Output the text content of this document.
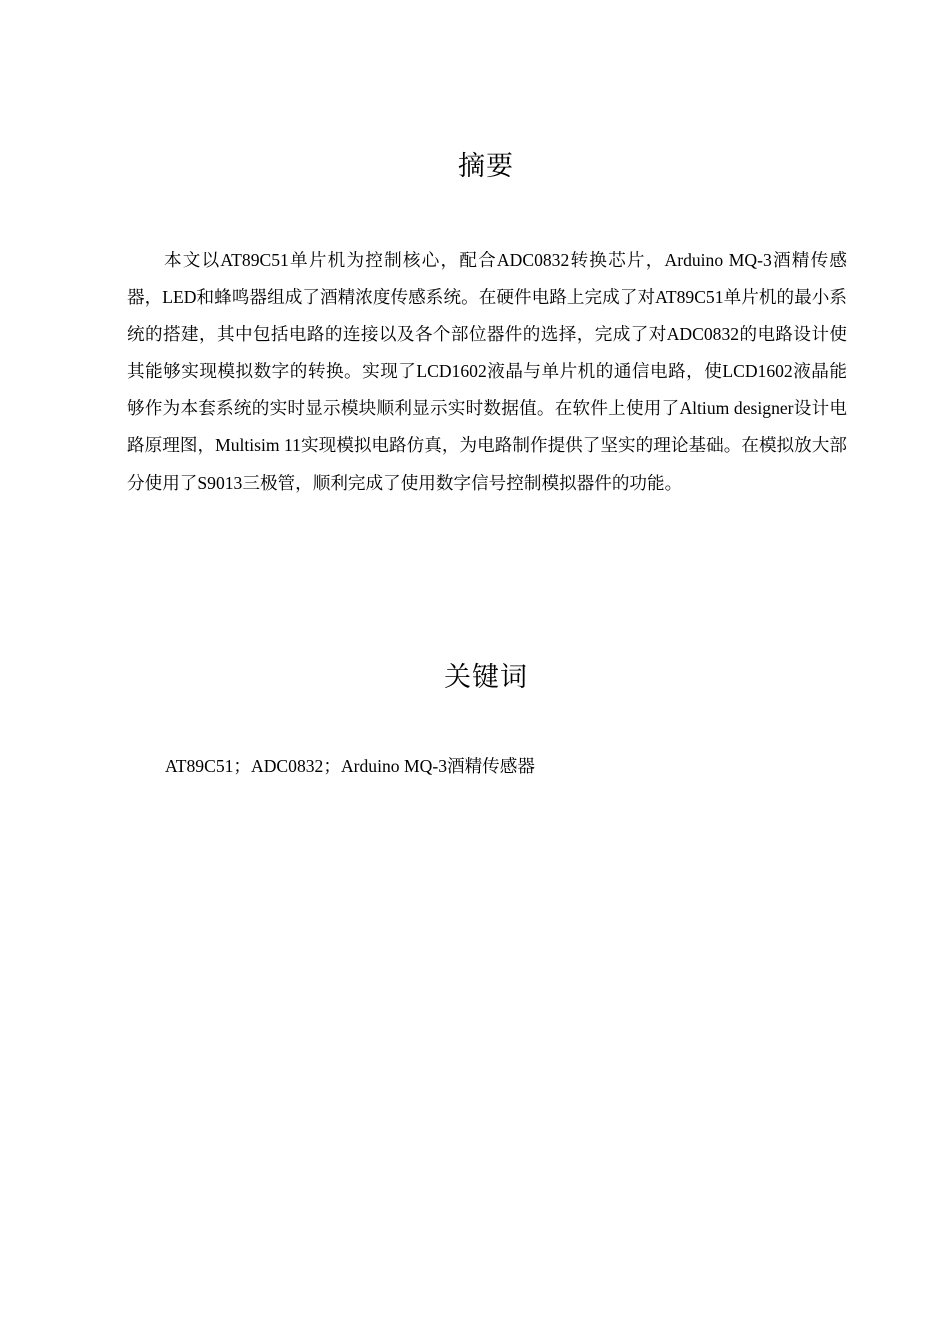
摘要

本文以AT89C51单片机为控制核心，配合ADC0832转换芯片，Arduino MQ-3酒精传感器，LED和蜂鸣器组成了酒精浓度传感系统。在硬件电路上完成了对AT89C51单片机的最小系统的搭建，其中包括电路的连接以及各个部位器件的选择，完成了对ADC0832的电路设计使其能够实现模拟数字的转换。实现了LCD1602液晶与单片机的通信电路，使LCD1602液晶能够作为本套系统的实时显示模块顺利显示实时数据值。在软件上使用了Altium designer设计电路原理图，Multisim 11实现模拟电路仿真，为电路制作提供了坚实的理论基础。在模拟放大部分使用了S9013三极管，顺利完成了使用数字信号控制模拟器件的功能。

关键词

AT89C51；ADC0832；Arduino MQ-3酒精传感器
